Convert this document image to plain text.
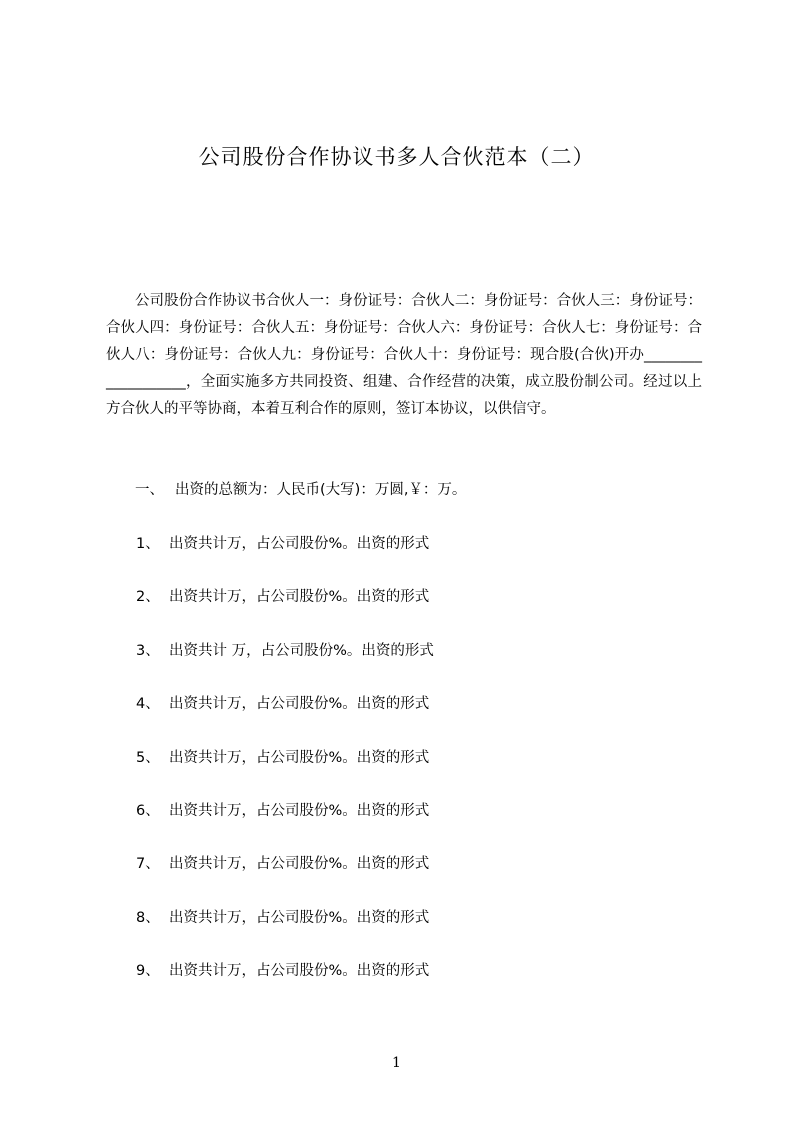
公司股份合作协议书多人合伙范本（二）

公司股份合作协议书合伙人一：身份证号：合伙人二：身份证号：合伙人三：身份证号：合伙人四：身份证号：合伙人五：身份证号：合伙人六：身份证号：合伙人七：身份证号：合伙人八：身份证号：合伙人九：身份证号：合伙人十：身份证号：现合股(合伙)开办___________________，全面实施多方共同投资、组建、合作经营的决策，成立股份制公司。经过以上方合伙人的平等协商，本着互利合作的原则，签订本协议，以供信守。

一、 出资的总额为：人民币(大写)：万圆,￥：万。

1、 出资共计万，占公司股份%。出资的形式
2、 出资共计万，占公司股份%。出资的形式
3、 出资共计 万，占公司股份%。出资的形式
4、 出资共计万，占公司股份%。出资的形式
5、 出资共计万，占公司股份%。出资的形式
6、 出资共计万，占公司股份%。出资的形式
7、 出资共计万，占公司股份%。出资的形式
8、 出资共计万，占公司股份%。出资的形式
9、 出资共计万，占公司股份%。出资的形式
1
